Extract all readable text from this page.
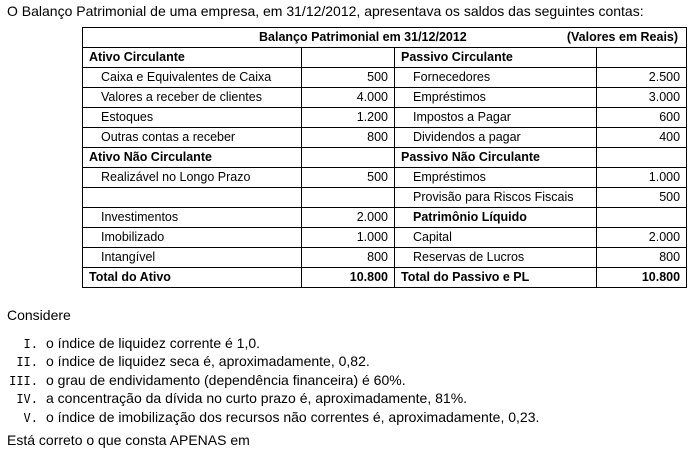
O Balanço Patrimonial de uma empresa, em 31/12/2012, apresentava os saldos das seguintes contas:
Balanço Patrimonial em 31/12/2012 (Valores em Reais)			

Ativo Circulante		Passivo Circulante	
Caixa e Equivalentes de Caixa	500	Fornecedores	2.500
Valores a receber de clientes	4.000	Empréstimos	3.000
Estoques	1.200	Impostos a Pagar	600
Outras contas a receber	800	Dividendos a pagar	400
Ativo Não Circulante		Passivo Não Circulante	
Realizável no Longo Prazo	500	Empréstimos	1.000
		Provisão para Riscos Fiscais	500
Investimentos	2.000	Patrimônio Líquido	
Imobilizado	1.000	Capital	2.000
Intangível	800	Reservas de Lucros	800
Total do Ativo	10.800	Total do Passivo e PL	10.800
Considere
I. o índice de liquidez corrente é 1,0.
II. o índice de liquidez seca é, aproximadamente, 0,82.
III. o grau de endividamento (dependência financeira) é 60%.
IV. a concentração da dívida no curto prazo é, aproximadamente, 81%.
V. o índice de imobilização dos recursos não correntes é, aproximadamente, 0,23.
Está correto o que consta APENAS em
